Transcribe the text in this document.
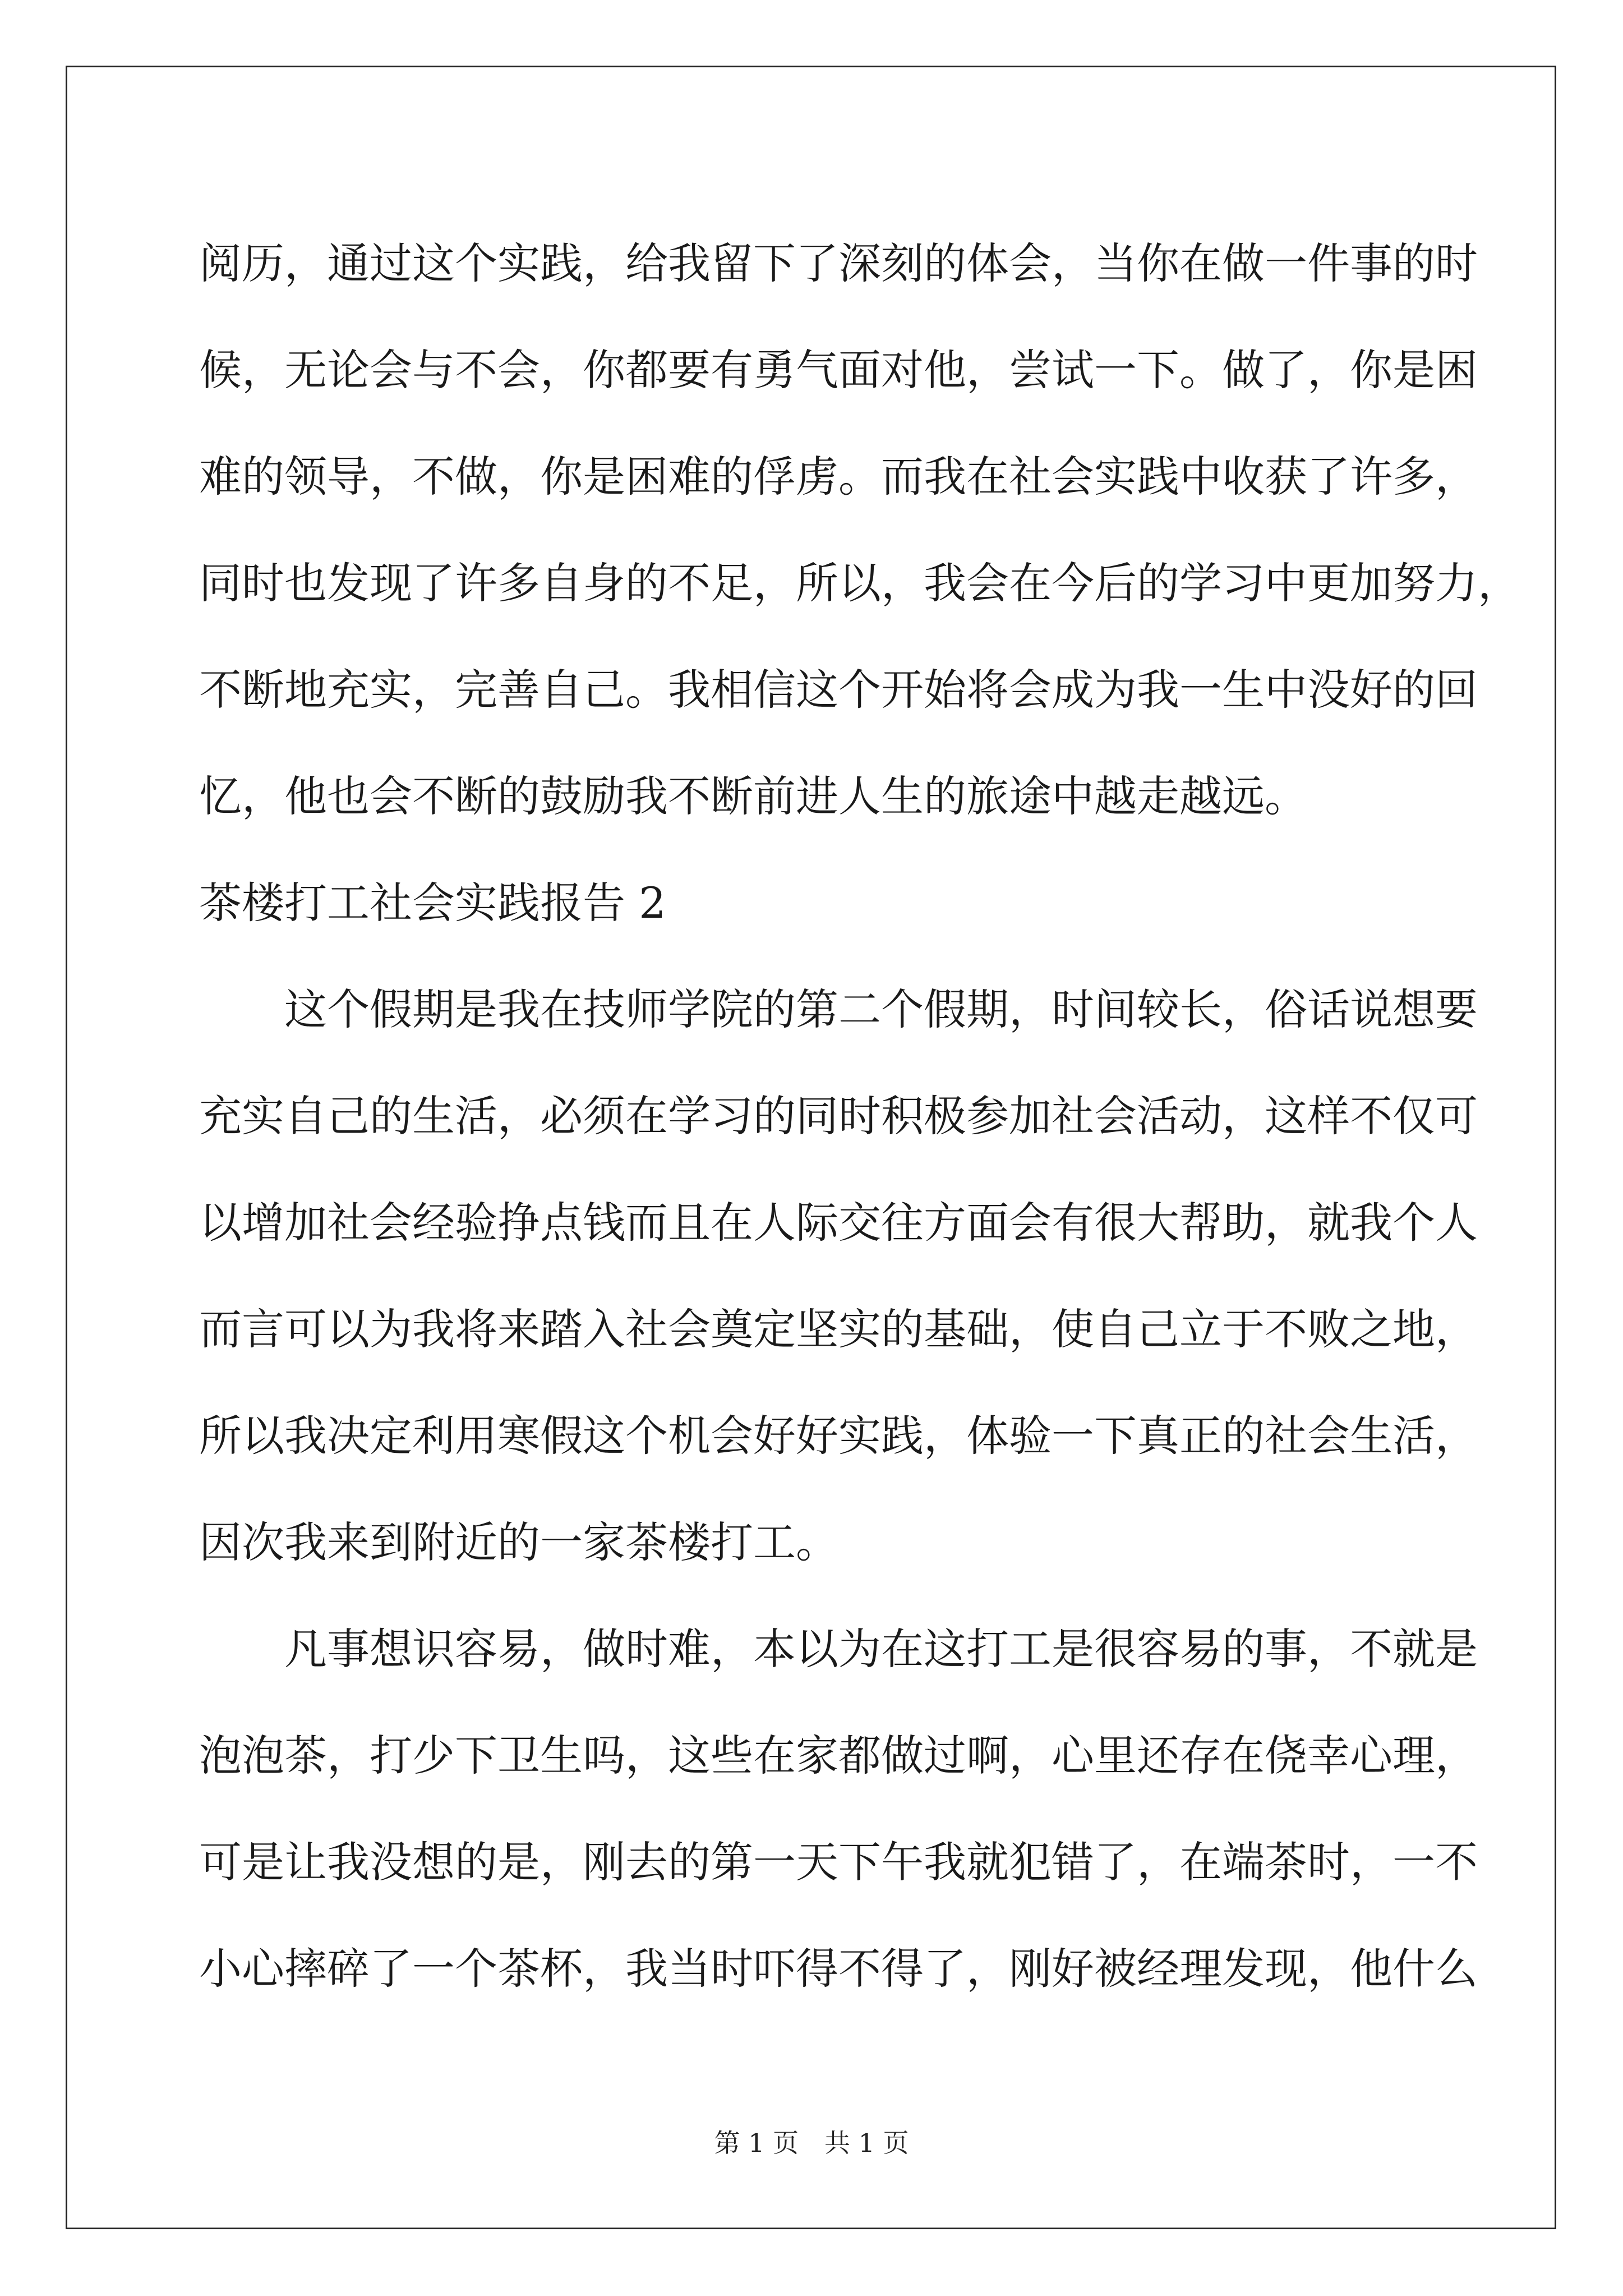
阅历，通过这个实践，给我留下了深刻的体会，当你在做一件事的时

候，无论会与不会，你都要有勇气面对他，尝试一下。做了，你是困

难的领导，不做，你是困难的俘虏。而我在社会实践中收获了许多，

同时也发现了许多自身的不足，所以，我会在今后的学习中更加努力，

不断地充实，完善自己。我相信这个开始将会成为我一生中没好的回

忆，他也会不断的鼓励我不断前进人生的旅途中越走越远。

茶楼打工社会实践报告 2

　　这个假期是我在技师学院的第二个假期，时间较长，俗话说想要

充实自己的生活，必须在学习的同时积极参加社会活动，这样不仅可

以增加社会经验挣点钱而且在人际交往方面会有很大帮助，就我个人

而言可以为我将来踏入社会奠定坚实的基础，使自己立于不败之地，

所以我决定利用寒假这个机会好好实践，体验一下真正的社会生活，

因次我来到附近的一家茶楼打工。

　　凡事想识容易，做时难，本以为在这打工是很容易的事，不就是

泡泡茶，打少下卫生吗，这些在家都做过啊，心里还存在侥幸心理，

可是让我没想的是，刚去的第一天下午我就犯错了，在端茶时，一不

小心摔碎了一个茶杯，我当时吓得不得了，刚好被经理发现，他什么

第 1 页　共 1 页
